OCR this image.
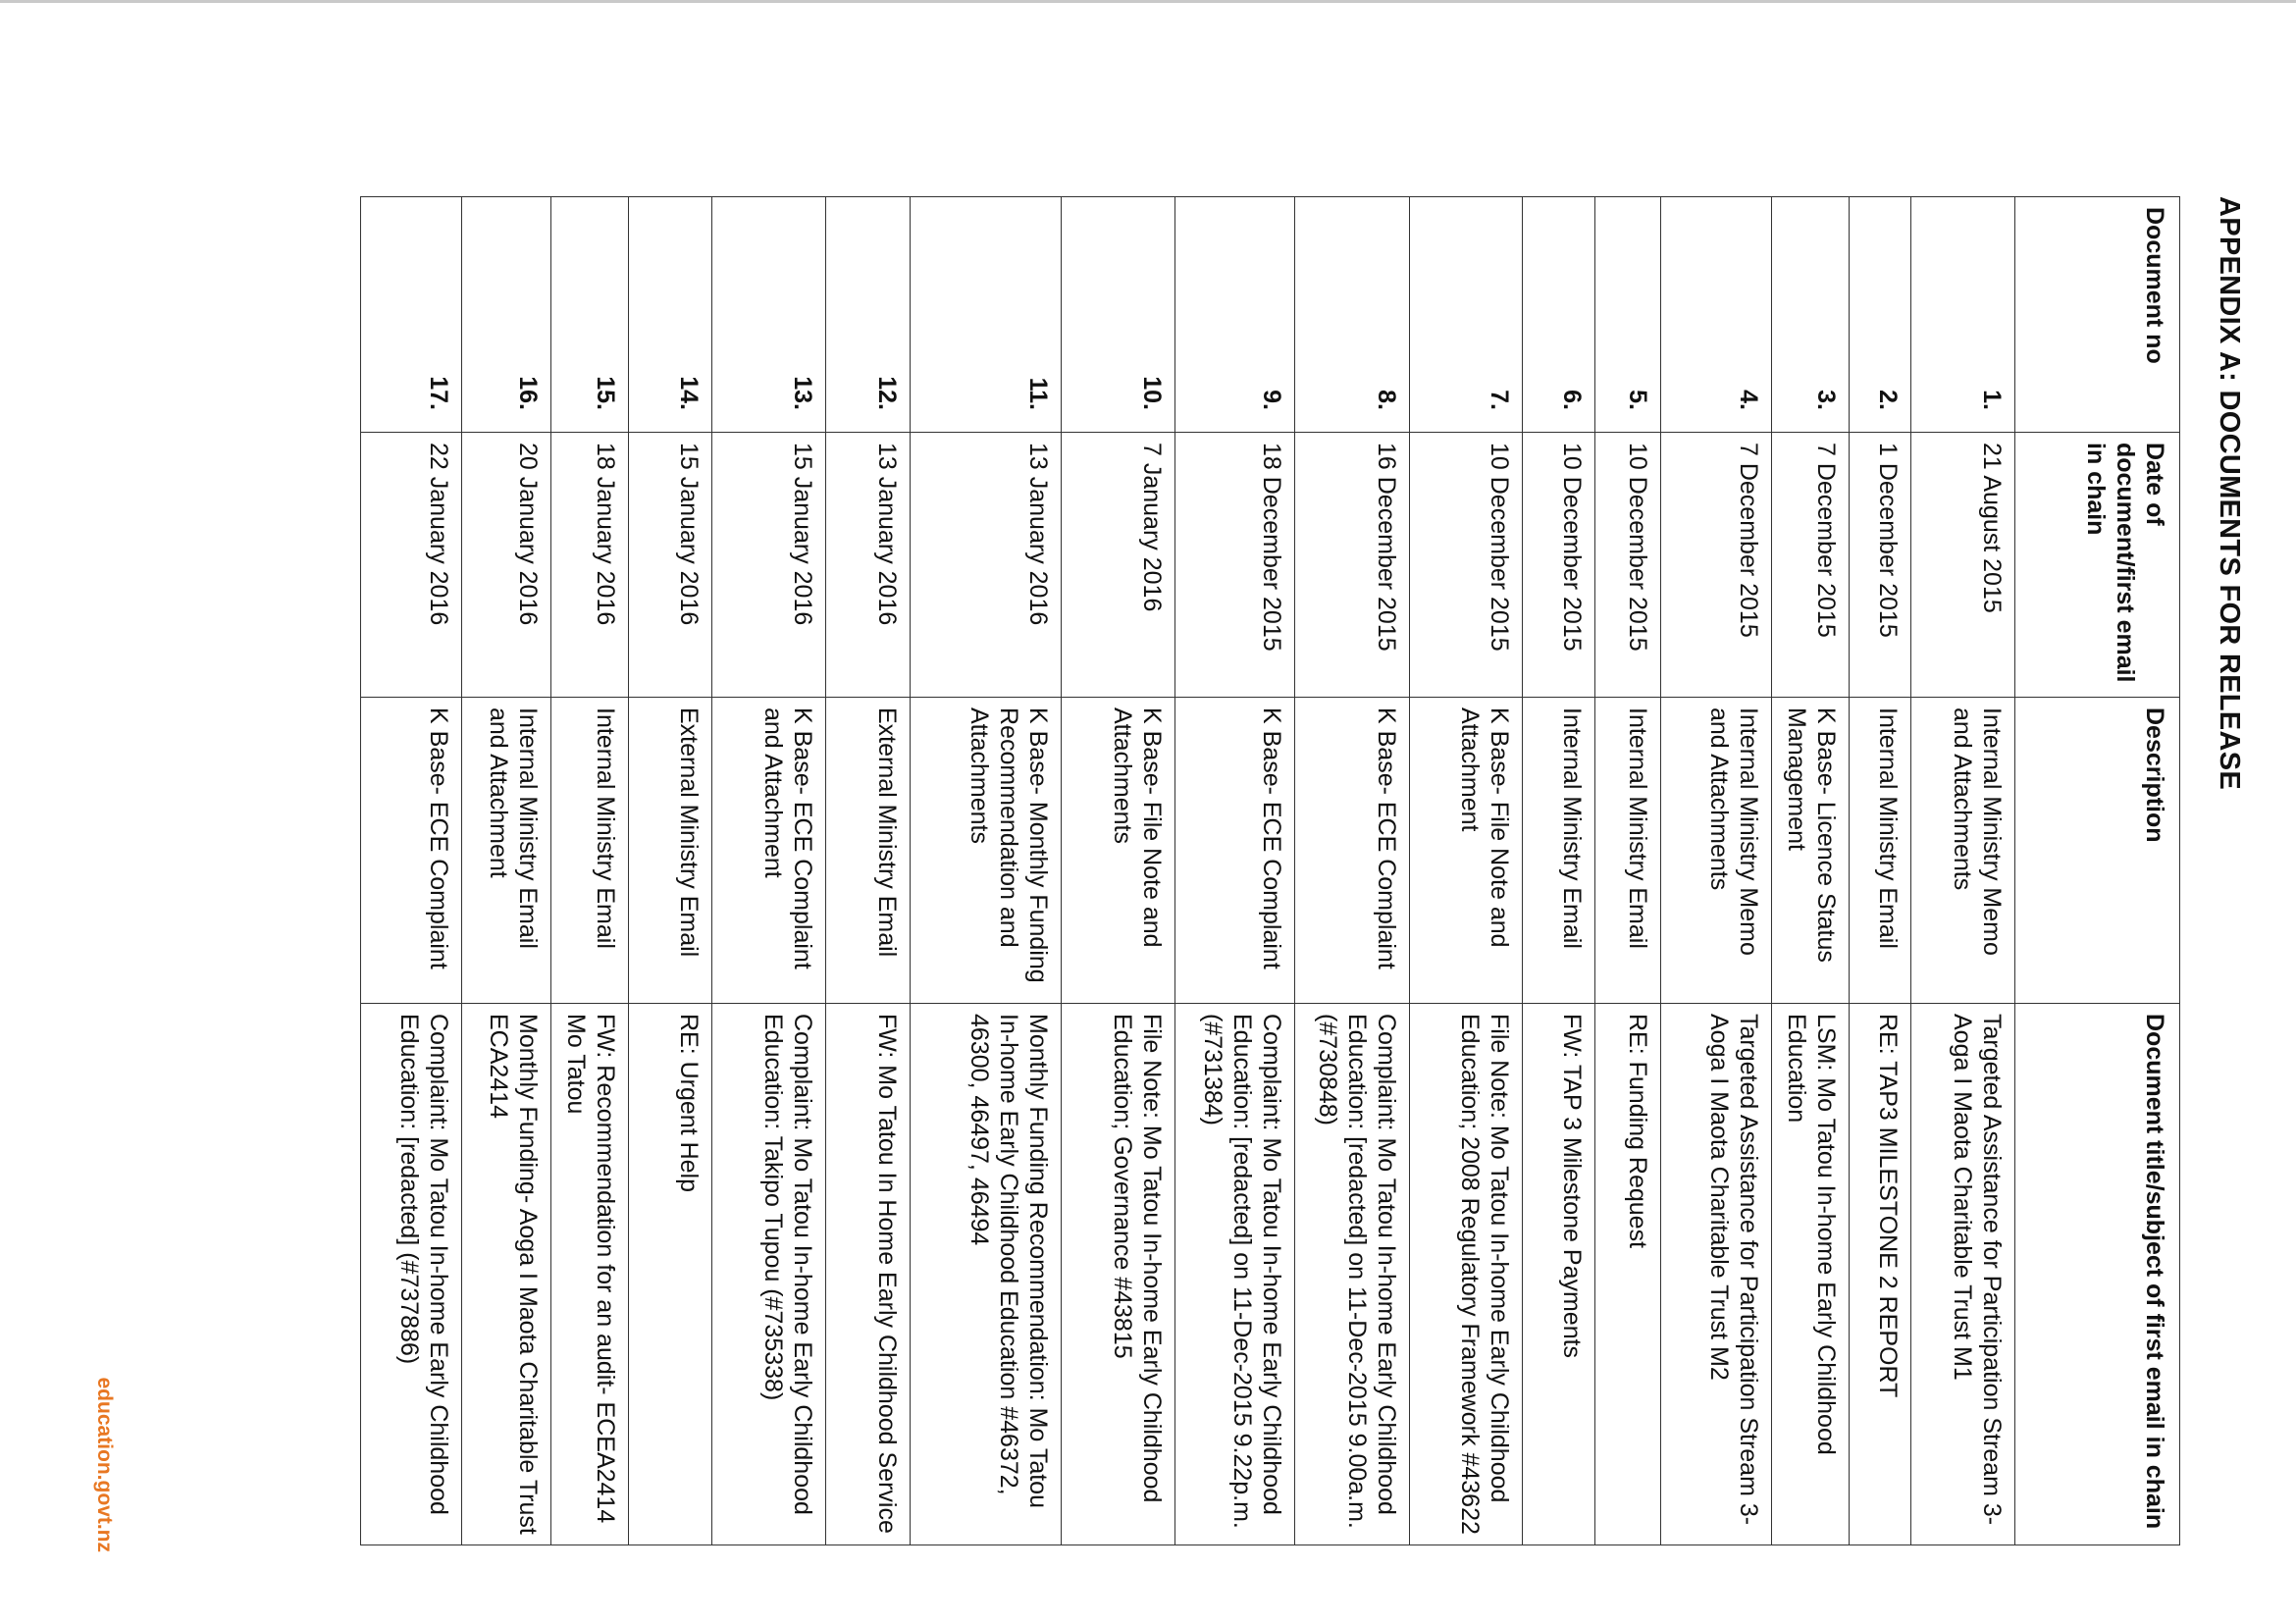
APPENDIX A: DOCUMENTS FOR RELEASE
Document no	Date of document/first email in chain	Description	Document title/subject of first email in chain
1.	21 August 2015	Internal Ministry Memo and Attachments	Targeted Assistance for Participation Stream 3- Aoga I Maota Charitable Trust M1
2.	1 December 2015	Internal Ministry Email	RE: TAP3 MILESTONE 2 REPORT
3.	7 December 2015	K Base- Licence Status Management	LSM: Mo Tatou In-home Early Childhood Education
4.	7 December 2015	Internal Ministry Memo and Attachments	Targeted Assistance for Participation Stream 3- Aoga I Maota Charitable Trust M2
5.	10 December 2015	Internal Ministry Email	RE: Funding Request
6.	10 December 2015	Internal Ministry Email	FW: TAP 3 Milestone Payments
7.	10 December 2015	K Base- File Note and Attachment	File Note: Mo Tatou In-home Early Childhood Education; 2008 Regulatory Framework #43622
8.	16 December 2015	K Base- ECE Complaint	Complaint: Mo Tatou In-home Early Childhood Education: [redacted] on 11-Dec-2015 9.00a.m. (#730848)
9.	18 December 2015	K Base- ECE Complaint	Complaint: Mo Tatou In-home Early Childhood Education: [redacted] on 11-Dec-2015 9.22p.m. (#731384)
10.	7 January 2016	K Base- File Note and Attachments	File Note: Mo Tatou In-home Early Childhood Education; Governance #43815
11.	13 January 2016	K Base- Monthly Funding Recommendation and Attachments	Monthly Funding Recommendation: Mo Tatou In-home Early Childhood Education #46372, 46300, 46497, 46494
12.	13 January 2016	External Ministry Email	FW: Mo Tatou In Home Early Childhood Service
13.	15 January 2016	K Base- ECE Complaint and Attachment	Complaint: Mo Tatou In-home Early Childhood Education: Takipo Tupou (#735338)
14.	15 January 2016	External Ministry Email	RE: Urgent Help
15.	18 January 2016	Internal Ministry Email	FW: Recommendation for an audit- ECEA2414 Mo Tatou
16.	20 January 2016	Internal Ministry Email and Attachment	Monthly Funding- Aoga I Maota Charitable Trust ECA2414
17.	22 January 2016	K Base- ECE Complaint	Complaint: Mo Tatou In-home Early Childhood Education: [redacted] (#737886)
education.govt.nz
